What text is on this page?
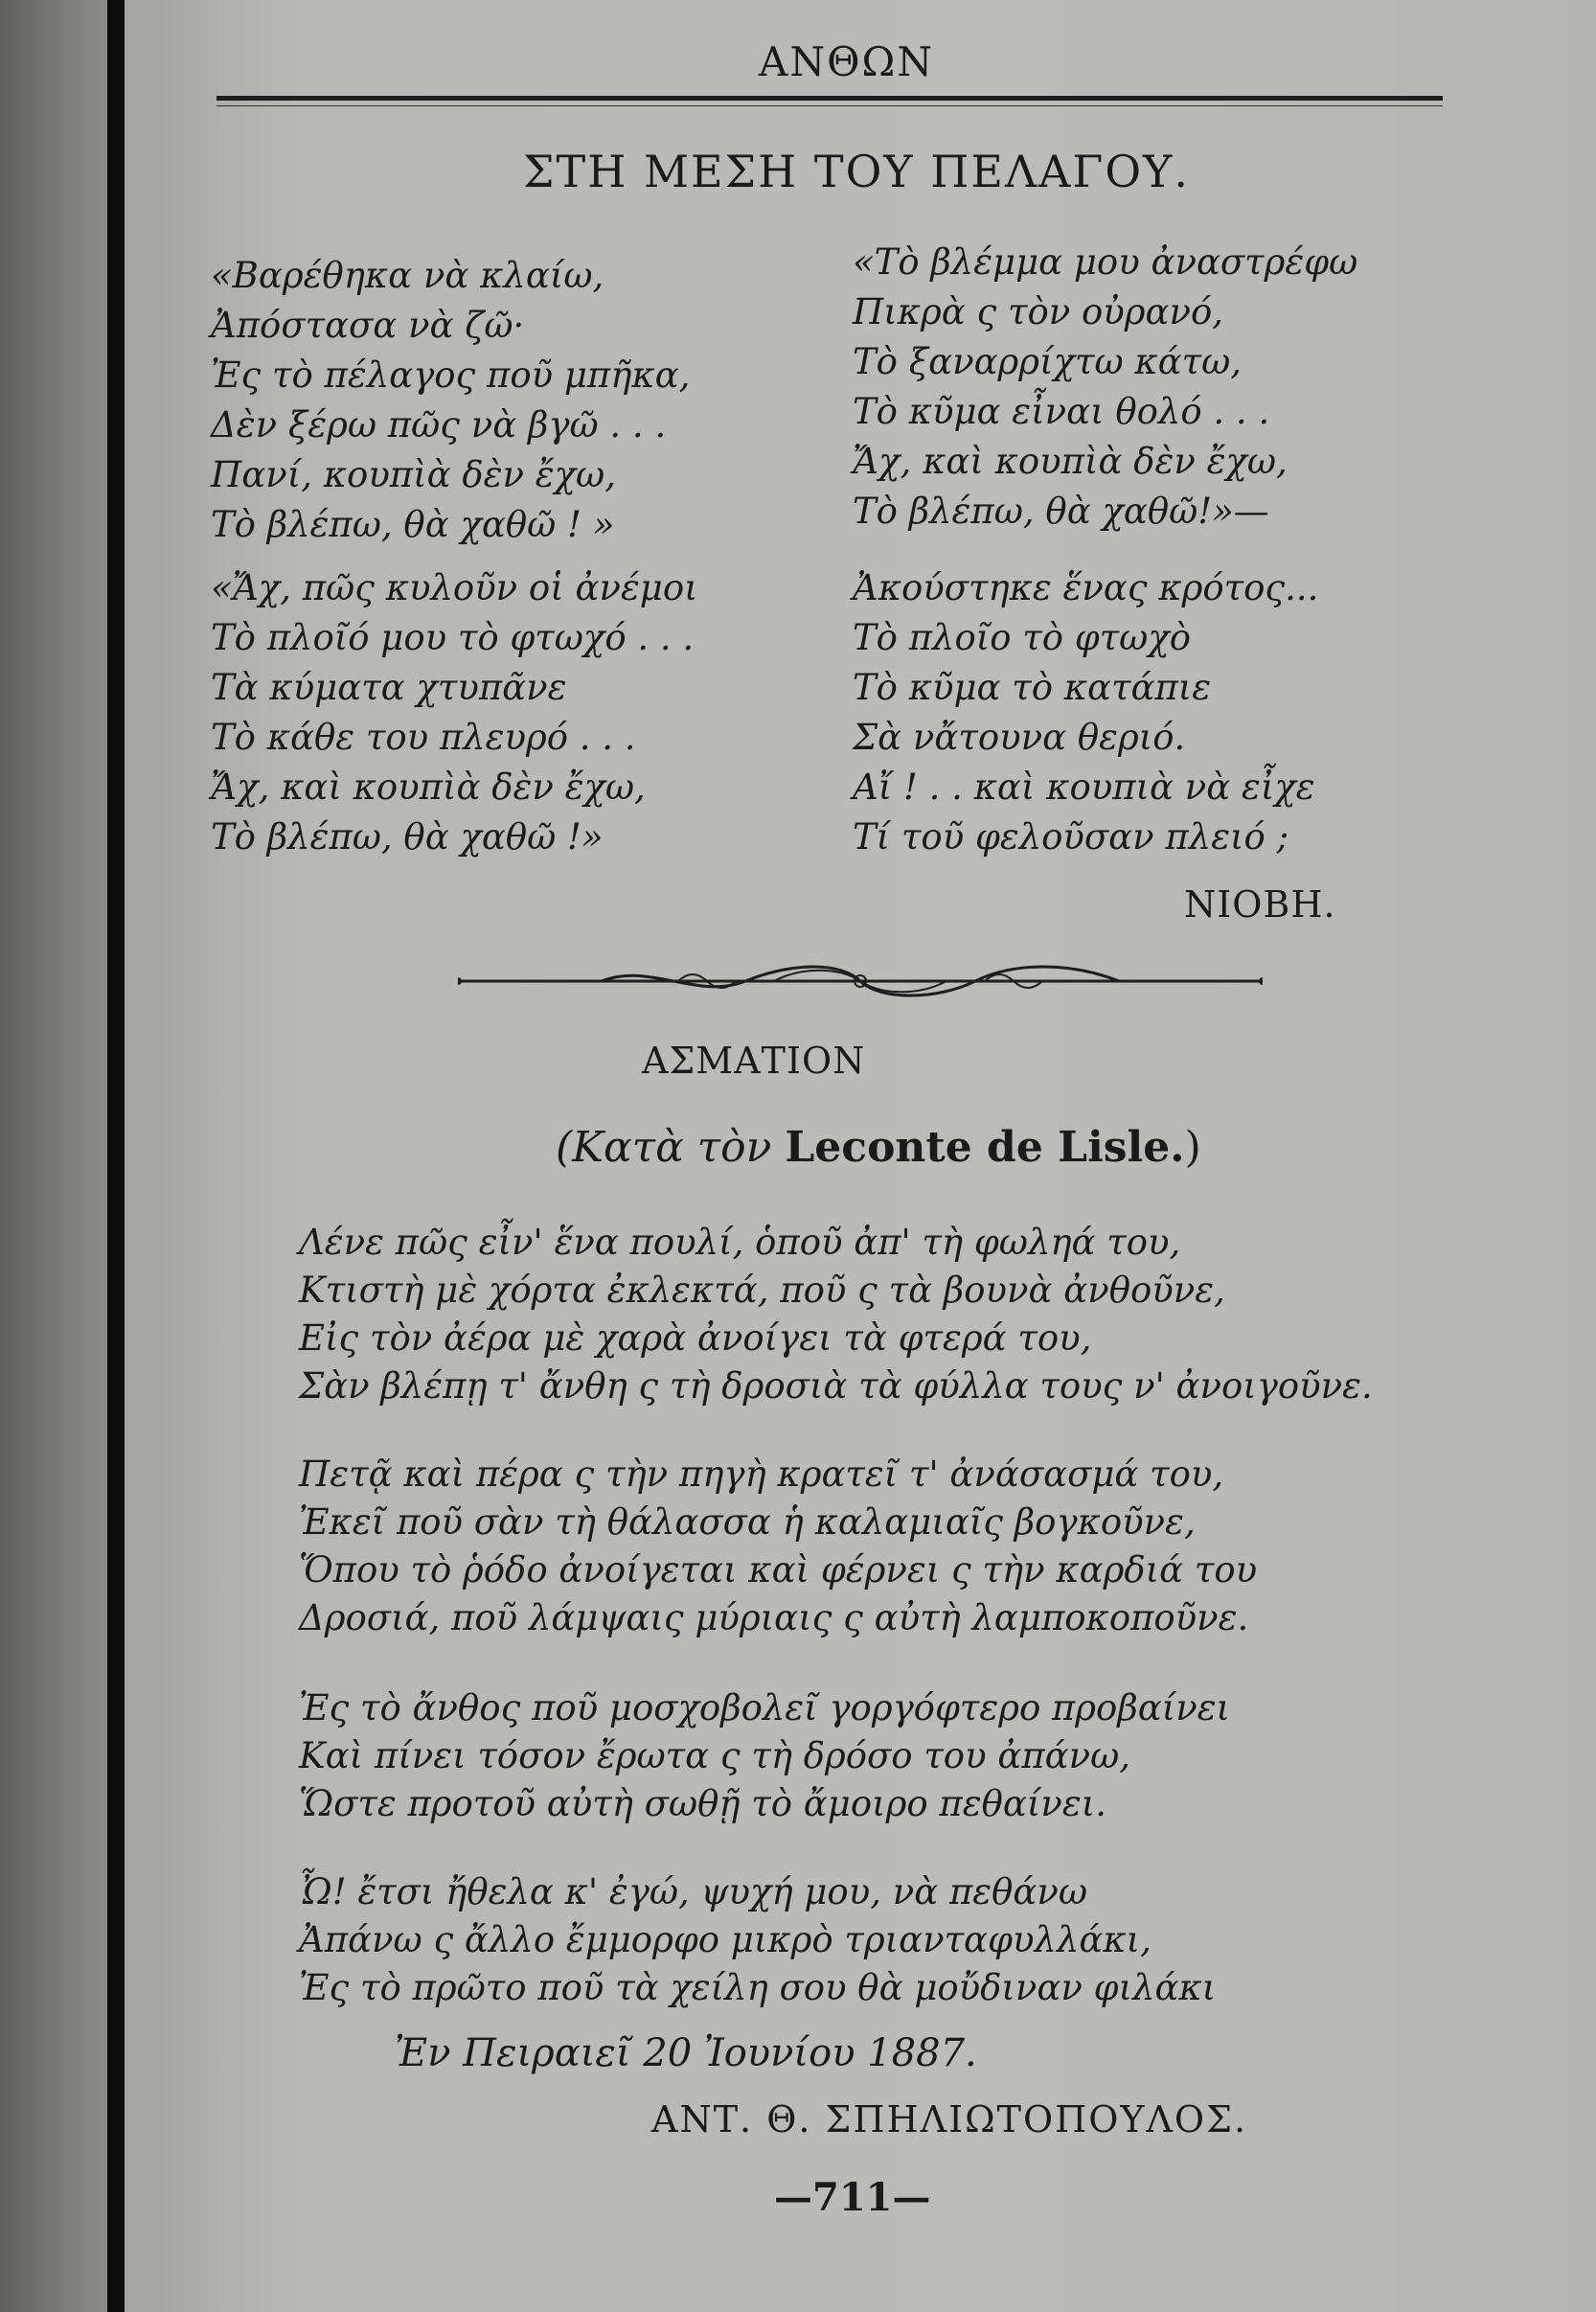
ΑΝΘΩΝ
ΣΤΗ ΜΕΣΗ ΤΟΥ ΠΕΛΑΓΟΥ.
«Βαρέθηκα νὰ κλαίω,
Ἀπόστασα νὰ ζῶ·
Ἐς τὸ πέλαγος ποῦ μπῆκα,
Δὲν ξέρω πῶς νὰ βγῶ . . .
Πανί, κουπὶὰ δὲν ἔχω,
Τὸ βλέπω, θὰ χαθῶ ! »
«Ἄχ, πῶς κυλοῦν οἱ ἀνέμοι
Τὸ πλοῖό μου τὸ φτωχό . . .
Τὰ κύματα χτυπᾶνε
Τὸ κάθε του πλευρό . . .
Ἄχ, καὶ κουπὶὰ δὲν ἔχω,
Τὸ βλέπω, θὰ χαθῶ !»
«Τὸ βλέμμα μου ἀναστρέφω
Πικρὰ ς τὸν οὐρανό,
Τὸ ξαναρρίχτω κάτω,
Τὸ κῦμα εἶναι θολό . . .
Ἄχ, καὶ κουπὶὰ δὲν ἔχω,
Τὸ βλέπω, θὰ χαθῶ!»—
Ἀκούστηκε ἕνας κρότος...
Τὸ πλοῖο τὸ φτωχὸ
Τὸ κῦμα τὸ κατάπιε
Σὰ νἄτουνα θεριό.
Αἴ ! . . καὶ κουπιὰ νὰ εἶχε
Τί τοῦ φελοῦσαν πλειό ;
ΝΙΟΒΗ.
ΑΣΜΑΤΙΟΝ
(Κατὰ τὸν Leconte de Lisle.)
Λένε πῶς εἶν' ἕνα πουλί, ὁποῦ ἀπ' τὴ φωληά του,
Κτιστὴ μὲ χόρτα ἐκλεκτά, ποῦ ς τὰ βουνὰ ἀνθοῦνε,
Εἰς τὸν ἀέρα μὲ χαρὰ ἀνοίγει τὰ φτερά του,
Σὰν βλέπῃ τ' ἄνθη ς τὴ δροσιὰ τὰ φύλλα τους ν' ἀνοιγοῦνε.
Πετᾷ καὶ πέρα ς τὴν πηγὴ κρατεῖ τ' ἀνάσασμά του,
Ἐκεῖ ποῦ σὰν τὴ θάλασσα ἡ καλαμιαῖς βογκοῦνε,
Ὅπου τὸ ῥόδο ἀνοίγεται καὶ φέρνει ς τὴν καρδιά του
Δροσιά, ποῦ λάμψαις μύριαις ς αὐτὴ λαμποκοποῦνε.
Ἐς τὸ ἄνθος ποῦ μοσχοβολεῖ γοργόφτερο προβαίνει
Καὶ πίνει τόσον ἔρωτα ς τὴ δρόσο του ἀπάνω,
Ὥστε προτοῦ αὐτὴ σωθῇ τὸ ἄμοιρο πεθαίνει.
Ὦ! ἔτσι ἤθελα κ' ἐγώ, ψυχή μου, νὰ πεθάνω
Ἀπάνω ς ἄλλο ἔμμορφο μικρὸ τριανταφυλλάκι,
Ἐς τὸ πρῶτο ποῦ τὰ χείλη σου θὰ μοὔδιναν φιλάκι
Ἐν Πειραιεῖ 20 Ἰουνίου 1887.
ΑΝΤ. Θ. ΣΠΗΛΙΩΤΟΠΟΥΛΟΣ.
—711—
